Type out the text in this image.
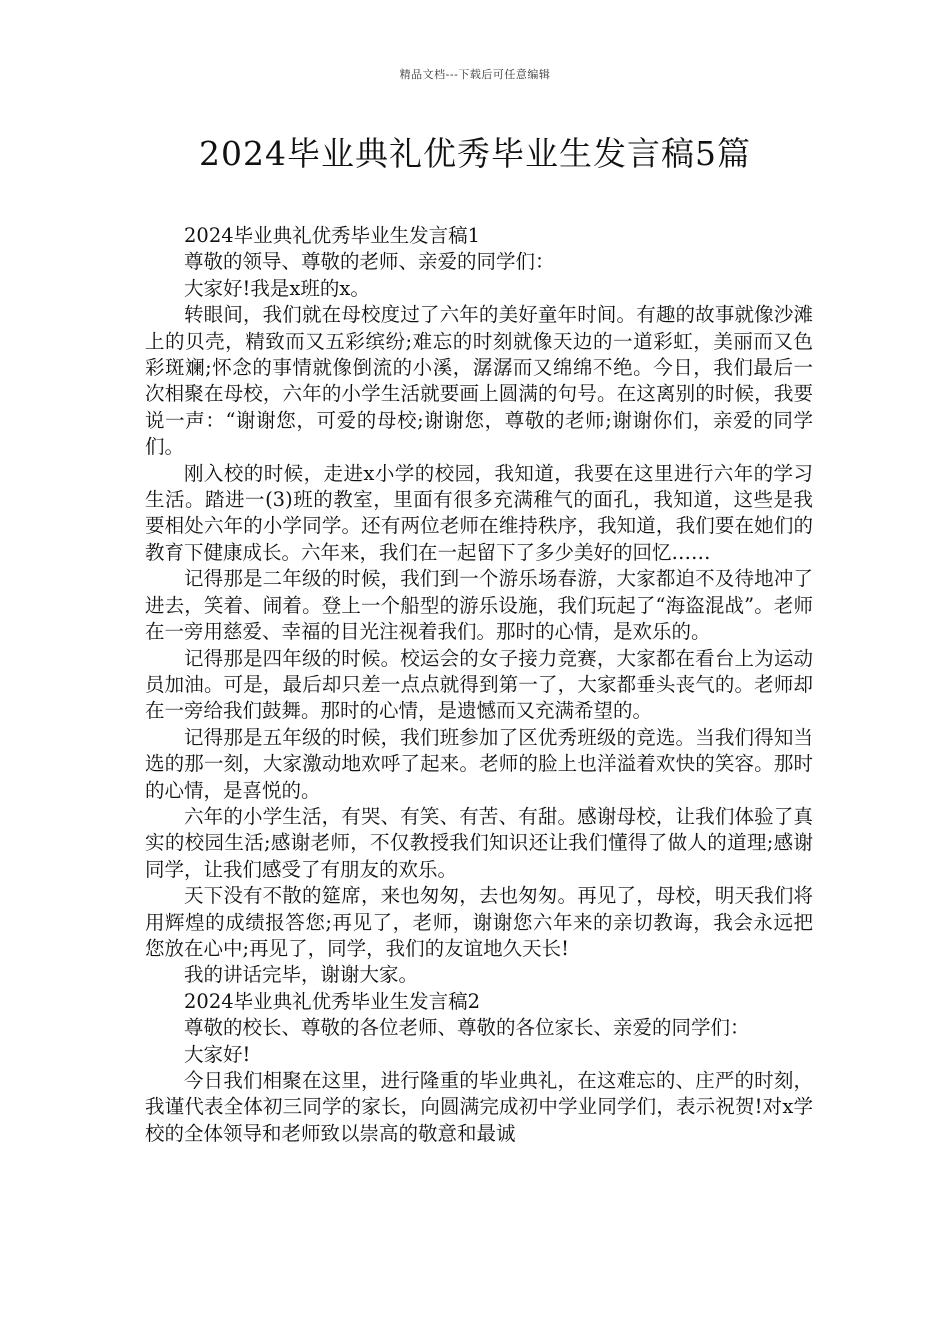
精品文档---下载后可任意编辑
2024毕业典礼优秀毕业生发言稿5篇

2024毕业典礼优秀毕业生发言稿1

尊敬的领导、尊敬的老师、亲爱的同学们：

大家好!我是x班的x。

转眼间，我们就在母校度过了六年的美好童年时间。有趣的故事就像沙滩上的贝壳，精致而又五彩缤纷;难忘的时刻就像天边的一道彩虹，美丽而又色彩斑斓;怀念的事情就像倒流的小溪，潺潺而又绵绵不绝。今日，我们最后一次相聚在母校，六年的小学生活就要画上圆满的句号。在这离别的时候，我要说一声：“谢谢您，可爱的母校;谢谢您，尊敬的老师;谢谢你们，亲爱的同学们。

刚入校的时候，走进x小学的校园，我知道，我要在这里进行六年的学习生活。踏进一(3)班的教室，里面有很多充满稚气的面孔，我知道，这些是我要相处六年的小学同学。还有两位老师在维持秩序，我知道，我们要在她们的教育下健康成长。六年来，我们在一起留下了多少美好的回忆……

记得那是二年级的时候，我们到一个游乐场春游，大家都迫不及待地冲了进去，笑着、闹着。登上一个船型的游乐设施，我们玩起了“海盗混战”。老师在一旁用慈爱、幸福的目光注视着我们。那时的心情，是欢乐的。

记得那是四年级的时候。校运会的女子接力竞赛，大家都在看台上为运动员加油。可是，最后却只差一点点就得到第一了，大家都垂头丧气的。老师却在一旁给我们鼓舞。那时的心情，是遗憾而又充满希望的。

记得那是五年级的时候，我们班参加了区优秀班级的竞选。当我们得知当选的那一刻，大家激动地欢呼了起来。老师的脸上也洋溢着欢快的笑容。那时的心情，是喜悦的。

六年的小学生活，有哭、有笑、有苦、有甜。感谢母校，让我们体验了真实的校园生活;感谢老师，不仅教授我们知识还让我们懂得了做人的道理;感谢同学，让我们感受了有朋友的欢乐。

天下没有不散的筵席，来也匆匆，去也匆匆。再见了，母校，明天我们将用辉煌的成绩报答您;再见了，老师，谢谢您六年来的亲切教诲，我会永远把您放在心中;再见了，同学，我们的友谊地久天长!

我的讲话完毕，谢谢大家。

2024毕业典礼优秀毕业生发言稿2

尊敬的校长、尊敬的各位老师、尊敬的各位家长、亲爱的同学们：

大家好!

今日我们相聚在这里，进行隆重的毕业典礼，在这难忘的、庄严的时刻，我谨代表全体初三同学的家长，向圆满完成初中学业同学们，表示祝贺!对x学校的全体领导和老师致以崇高的敬意和最诚
